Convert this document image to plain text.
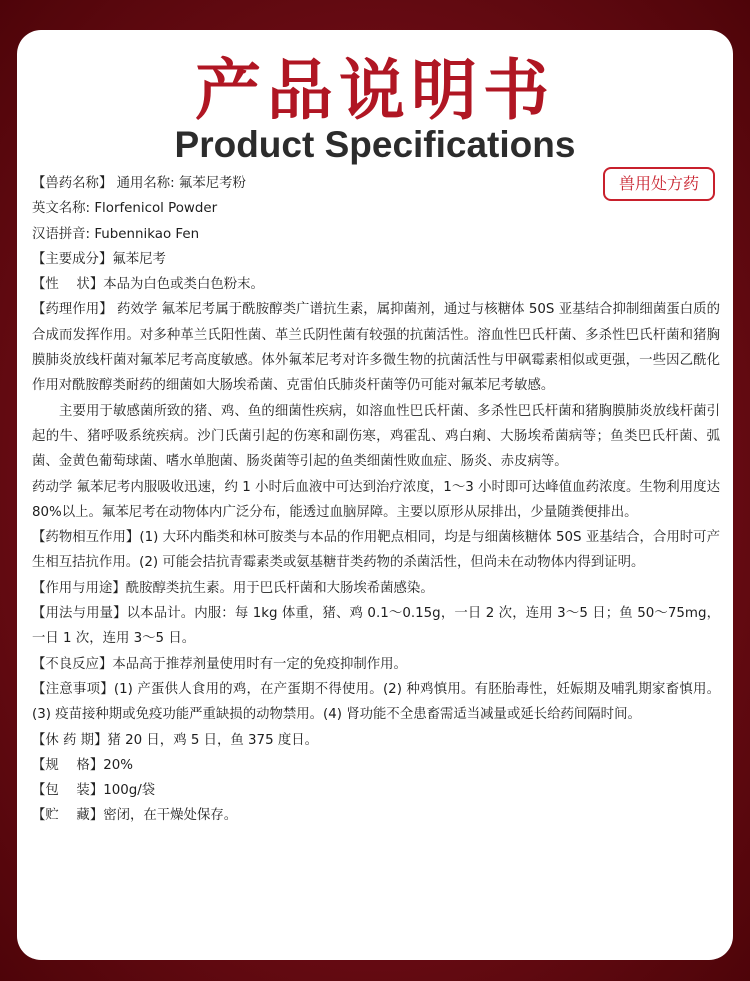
产品说明书
Product Specifications
兽用处方药

【兽药名称】 通用名称: 氟苯尼考粉

英文名称: Florfenicol Powder

汉语拼音: Fubennikao Fen

【主要成分】氟苯尼考

【性　 状】本品为白色或类白色粉末。

【药理作用】 药效学 氟苯尼考属于酰胺醇类广谱抗生素，属抑菌剂，通过与核糖体 50S 亚基结合抑制细菌蛋白质的合成而发挥作用。对多种革兰氏阳性菌、革兰氏阴性菌有较强的抗菌活性。溶血性巴氏杆菌、多杀性巴氏杆菌和猪胸膜肺炎放线杆菌对氟苯尼考高度敏感。体外氟苯尼考对许多微生物的抗菌活性与甲砜霉素相似或更强，一些因乙酰化作用对酰胺醇类耐药的细菌如大肠埃希菌、克雷伯氏肺炎杆菌等仍可能对氟苯尼考敏感。

主要用于敏感菌所致的猪、鸡、鱼的细菌性疾病，如溶血性巴氏杆菌、多杀性巴氏杆菌和猪胸膜肺炎放线杆菌引起的牛、猪呼吸系统疾病。沙门氏菌引起的伤寒和副伤寒，鸡霍乱、鸡白痢、大肠埃希菌病等；鱼类巴氏杆菌、弧菌、金黄色葡萄球菌、嗜水单胞菌、肠炎菌等引起的鱼类细菌性败血症、肠炎、赤皮病等。

药动学 氟苯尼考内服吸收迅速，约 1 小时后血液中可达到治疗浓度，1～3 小时即可达峰值血药浓度。生物利用度达 80%以上。氟苯尼考在动物体内广泛分布，能透过血脑屏障。主要以原形从尿排出，少量随粪便排出。

【药物相互作用】(1) 大环内酯类和林可胺类与本品的作用靶点相同，均是与细菌核糖体 50S 亚基结合，合用时可产生相互拮抗作用。(2) 可能会拮抗青霉素类或氨基糖苷类药物的杀菌活性，但尚未在动物体内得到证明。

【作用与用途】酰胺醇类抗生素。用于巴氏杆菌和大肠埃希菌感染。

【用法与用量】以本品计。内服：每 1kg 体重，猪、鸡 0.1～0.15g，一日 2 次，连用 3～5 日；鱼 50～75mg，一日 1 次，连用 3～5 日。

【不良反应】本品高于推荐剂量使用时有一定的免疫抑制作用。

【注意事项】(1) 产蛋供人食用的鸡，在产蛋期不得使用。(2) 种鸡慎用。有胚胎毒性，妊娠期及哺乳期家畜慎用。(3) 疫苗接种期或免疫功能严重缺损的动物禁用。(4) 肾功能不全患畜需适当减量或延长给药间隔时间。

【休 药 期】猪 20 日，鸡 5 日，鱼 375 度日。

【规　 格】20%

【包　 装】100g/袋

【贮　 藏】密闭，在干燥处保存。
